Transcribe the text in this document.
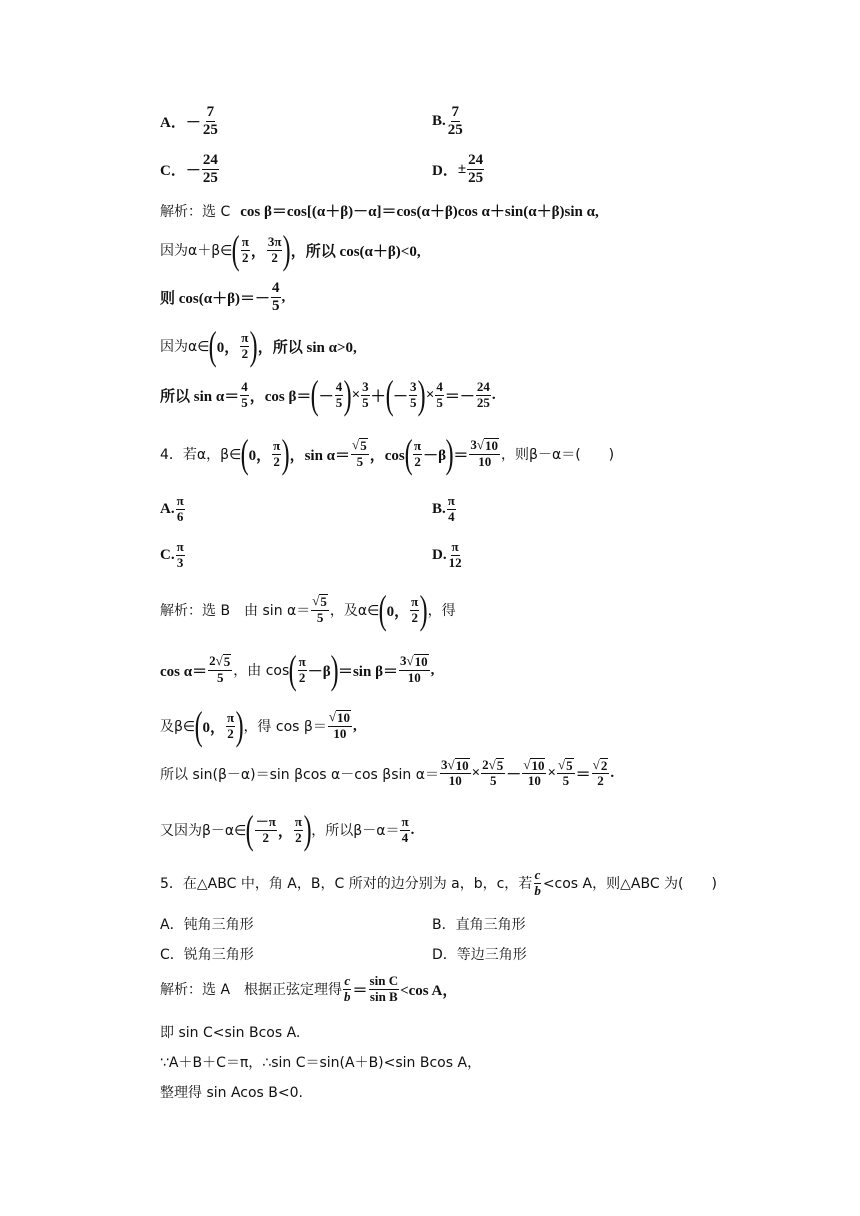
A． － $\frac{7}{25}$	B. $\frac{7}{25}$
C． － $\frac{24}{25}$	D． ± $\frac{24}{25}$
解析：选 C cos β＝cos[(α＋β)－α]＝cos(α＋β)cos α＋sin(α＋β)sin α,
因为α＋β∈ ( $\frac{\pi}{2}$ ， $\frac{3\pi}{2}$ ) ，所以 cos(α＋β)<0,
则 $\cos(\alpha+\beta)=- \frac{4}{5}$ ,
因为α∈ ( 0， $\frac{\pi}{2}$ ) ，所以 sin α>0,
所以 $\sin \alpha= \frac{4}{5}$ ，cos β＝ ( － $\frac{4}{5}$ ) × $\frac{3}{5}$ ＋ ( － $\frac{3}{5}$ ) × $\frac{4}{5} =- \frac{24}{25}$ .
4．若α，β∈ ( 0， $\frac{\pi}{2}$ ) ，$\sin \alpha= \frac{√ 5}{5}$ ，cos ( $\frac{\pi}{2} -\beta$ ) ＝ $\frac{3 √ 10}{10}$ ，则β－α＝(　　)
A. $\frac{\pi}{6}$	B. $\frac{\pi}{4}$
C. $\frac{\pi}{3}$	D. $\frac{\pi}{12}$
解析：选 B　由 $\sin \alpha= \frac{√ 5}{5}$ ，及α∈ ( 0， $\frac{\pi}{2}$ ) ，得
$\cos \alpha= \frac{2 √ 5}{5}$ ，由 cos ( $\frac{\pi}{2} -\beta$ ) ＝sin $\beta= \frac{3 √ 10}{10}$ ,
及β∈ ( 0， $\frac{\pi}{2}$ ) ，得 $\cos \beta= \frac{√ 10}{10}$ ,
所以 sin(β－α)＝sin βcos α－cos βsin $\alpha= \frac{3 √ 10}{10} \times \frac{2 √ 5}{5} - \frac{√ 10}{10} \times \frac{√ 5}{5} = \frac{√ 2}{2}$ .
又因为β－α∈ ( $\frac{-\pi}{2}$ ， $\frac{\pi}{2}$ ) ，所以$\beta-\alpha= \frac{\pi}{4}$ .
5．在△ABC 中，角 A，B，C 所对的边分别为 a，b，c，若 $\frac{c}{b} <\cos$ A，则△ABC 为(　　)
A．钝角三角形	B．直角三角形
C．锐角三角形	D．等边三角形
解析：选 A　根据正弦定理得 $\frac{c}{b} = \frac{\text{sin C}}{\text{sin B}} <\cos$ A，
即 sin C<sin Bcos A.
∵A＋B＋C＝π，∴sin C＝sin(A＋B)<sin Bcos A，
整理得 sin Acos B<0.
